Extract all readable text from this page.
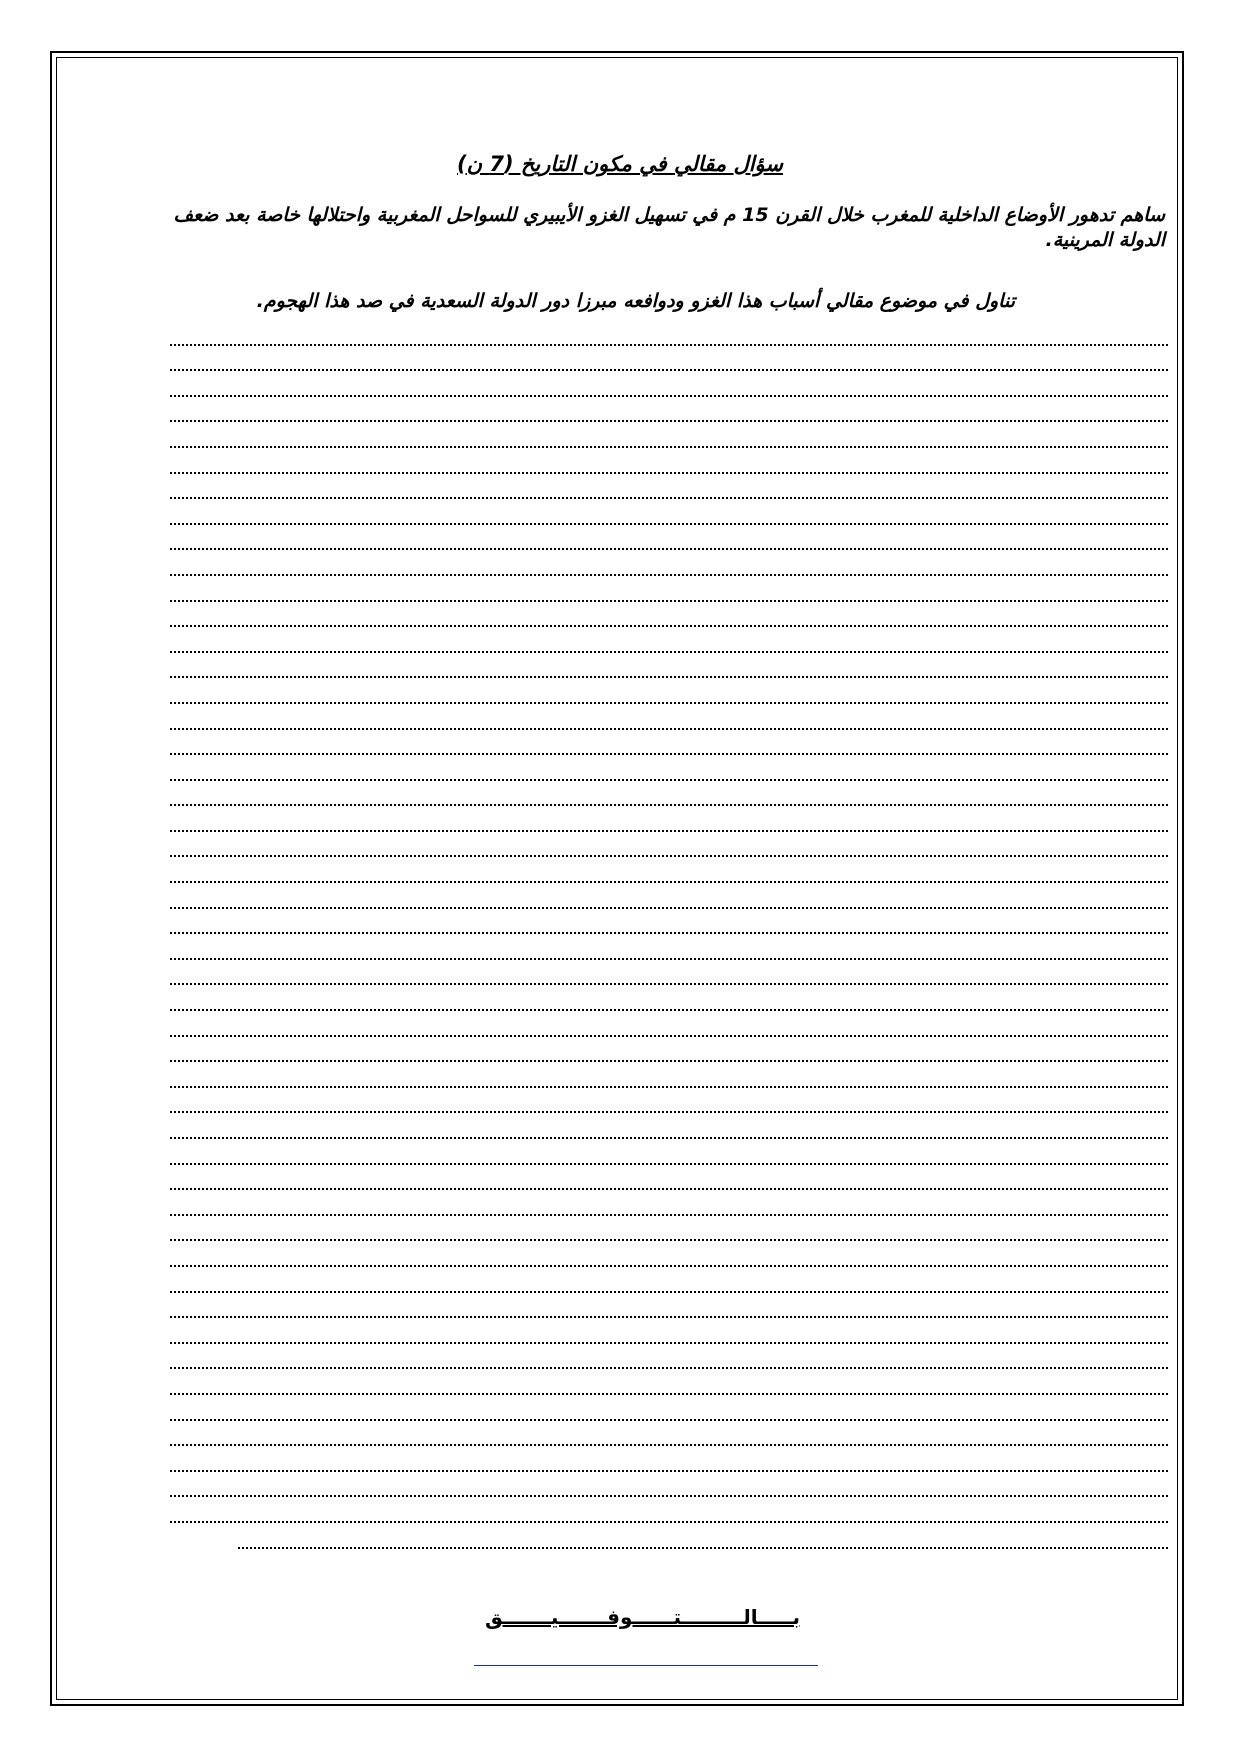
سؤال مقالي في مكون التاريخ (7 ن)
ساهم تدهور الأوضاع الداخلية للمغرب خلال القرن 15 م في تسهيل الغزو الأيبيري للسواحل المغربية واحتلالها خاصة بعد ضعف الدولة المرينية.
تناول في موضوع مقالي أسباب هذا الغزو ودوافعه مبرزا دور الدولة السعدية في صد هذا الهجوم.
بـــــالـــــــــتــــــوفـــــــيـــــــق
